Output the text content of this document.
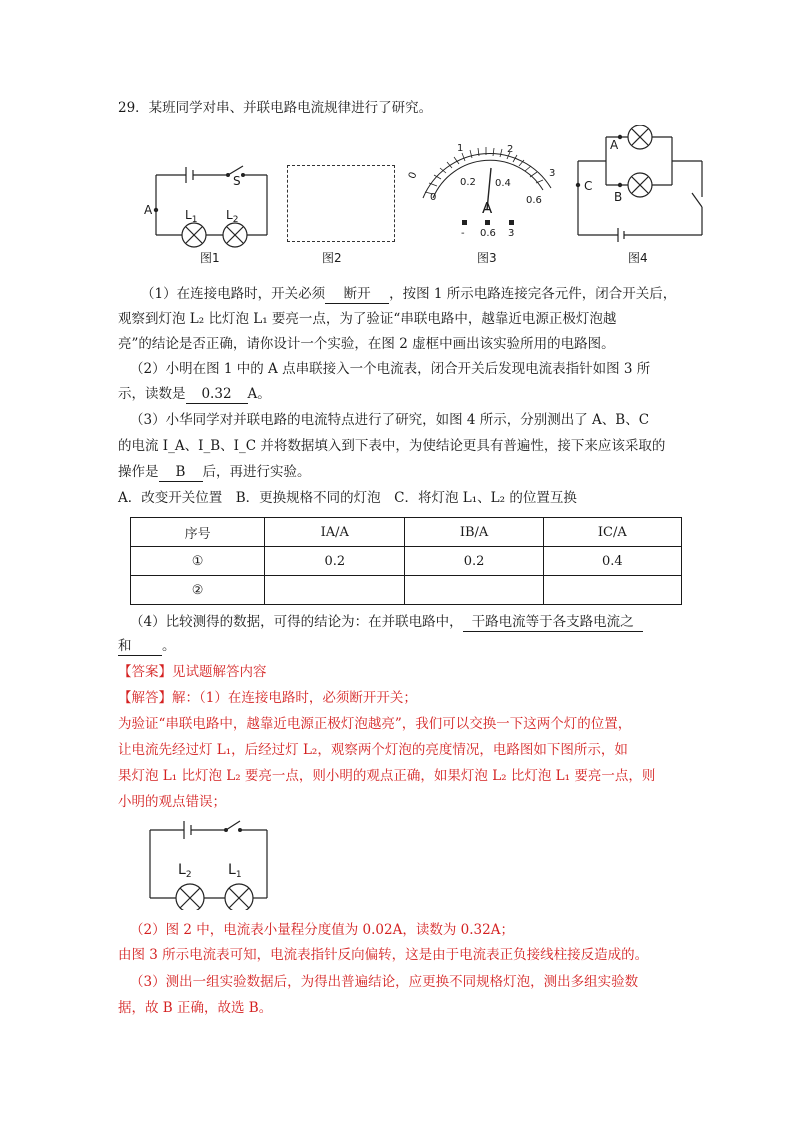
29．某班同学对串、并联电路电流规律进行了研究。
A
S
$L_1$ $L_2$
图1	图2
0
1	2
3
0
0.2 0.4
0.6
A
- 0.6 3
图3
A
C
B
图4
（1）在连接电路时，开关必须 断开 ，按图 1 所示电路连接完各元件，闭合开关后，
观察到灯泡 L₂ 比灯泡 L₁ 要亮一点，为了验证“串联电路中，越靠近电源正极灯泡越
亮”的结论是否正确，请你设计一个实验，在图 2 虚框中画出该实验所用的电路图。
（2）小明在图 1 中的 A 点串联接入一个电流表，闭合开关后发现电流表指针如图 3 所
示，读数是 0.32 A。
（3）小华同学对并联电路的电流特点进行了研究，如图 4 所示，分别测出了 A、B、C
的电流 I_A、I_B、I_C 并将数据填入到下表中，为使结论更具有普遍性，接下来应该采取的
操作是 B 后，再进行实验。
A．改变开关位置　B．更换规格不同的灯泡　C．将灯泡 L₁、L₂ 的位置互换
序号	IA/A	IB/A	IC/A
①	0.2	0.2	0.4
②			
（4）比较测得的数据，可得的结论为：在并联电路中， 干路电流等于各支路电流之
和 。
【答案】见试题解答内容
【解答】解：（1）在连接电路时，必须断开开关；
为验证“串联电路中，越靠近电源正极灯泡越亮”，我们可以交换一下这两个灯的位置，
让电流先经过灯 L₁，后经过灯 L₂，观察两个灯泡的亮度情况，电路图如下图所示，如
果灯泡 L₁ 比灯泡 L₂ 要亮一点，则小明的观点正确，如果灯泡 L₂ 比灯泡 L₁ 要亮一点，则
小明的观点错误；
$L_2$	$L_1$
（2）图 2 中，电流表小量程分度值为 0.02A，读数为 0.32A；
由图 3 所示电流表可知，电流表指针反向偏转，这是由于电流表正负接线柱接反造成的。
（3）测出一组实验数据后，为得出普遍结论，应更换不同规格灯泡，测出多组实验数
据，故 B 正确，故选 B。
